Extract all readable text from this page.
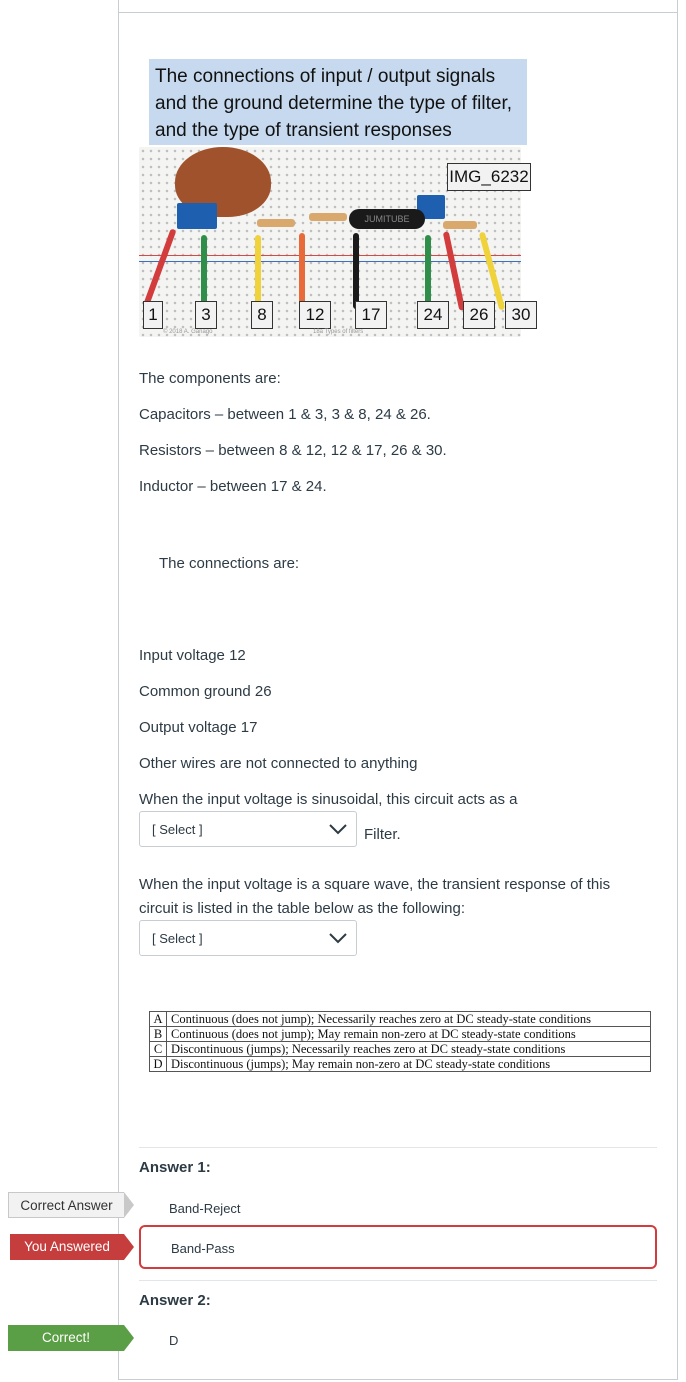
The connections of input / output signals and the ground determine the type of filter, and the type of transient responses
JUMITUBE
IMG_6232
1	3	8	12	17	24	26	30
© 2018 A. Ganago	18a Types of filters
The components are:
Capacitors – between 1 & 3, 3 & 8, 24 & 26.
Resistors – between 8 & 12, 12 & 17, 26 & 30.
Inductor – between 17 & 24.
The connections are:
Input voltage 12
Common ground 26
Output voltage 17
Other wires are not connected to anything
When the input voltage is sinusoidal, this circuit acts as a
[ Select ]	Filter.
When the input voltage is a square wave, the transient response of this
circuit is listed in the table below as the following:
[ Select ]
A	Continuous (does not jump); Necessarily reaches zero at DC steady-state conditions
B	Continuous (does not jump); May remain non-zero at DC steady-state conditions
C	Discontinuous (jumps); Necessarily reaches zero at DC steady-state conditions
D	Discontinuous (jumps); May remain non-zero at DC steady-state conditions
Answer 1:
Band-Reject
Band-Pass
Answer 2:
D
Correct Answer
You Answered
Correct!
